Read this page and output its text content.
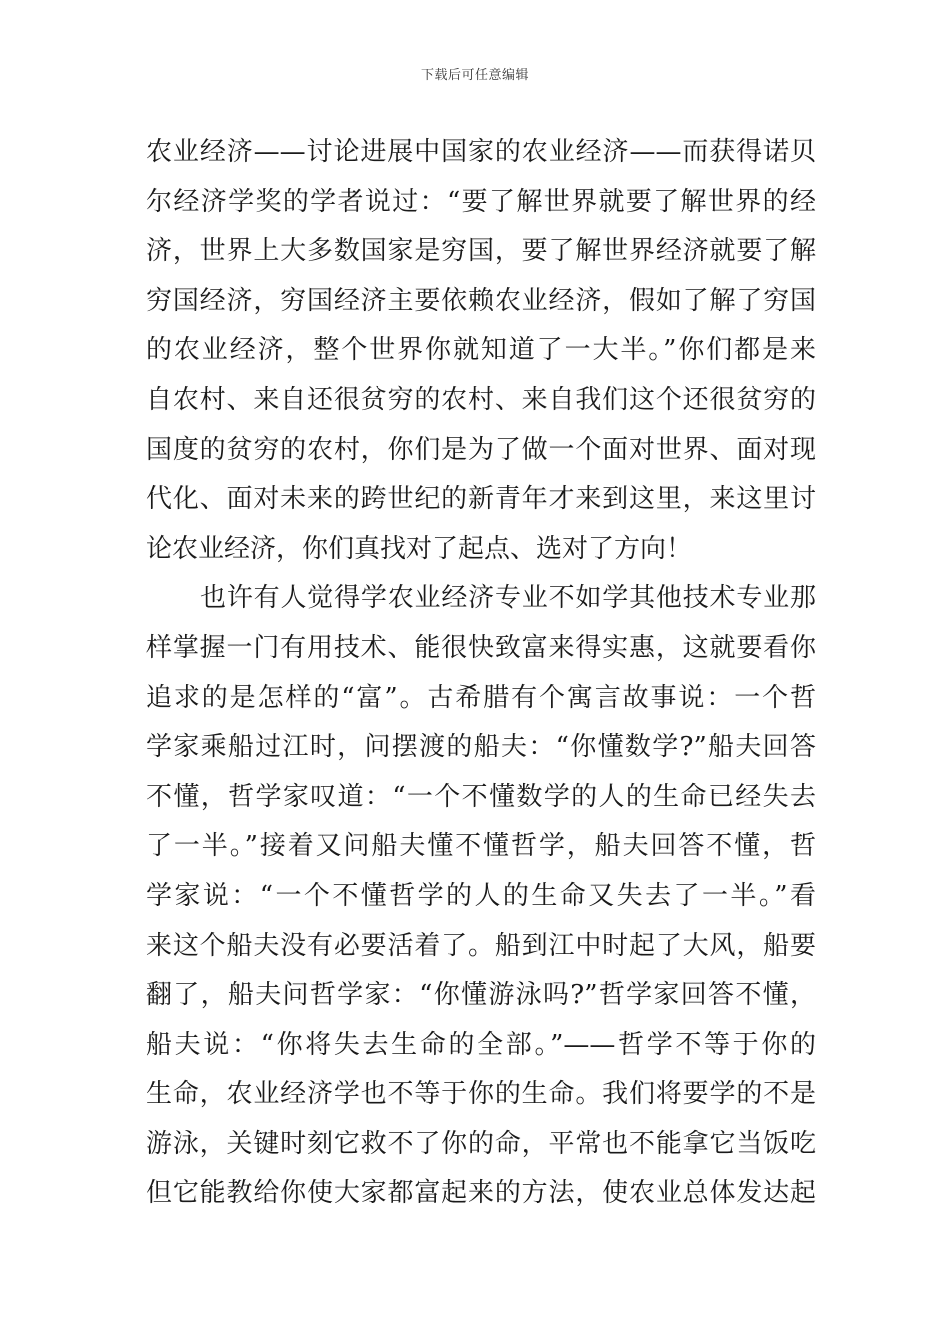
下载后可任意编辑
农业经济——讨论进展中国家的农业经济——而获得诺贝
尔经济学奖的学者说过：“要了解世界就要了解世界的经
济，世界上大多数国家是穷国，要了解世界经济就要了解
穷国经济，穷国经济主要依赖农业经济，假如了解了穷国
的农业经济，整个世界你就知道了一大半。”你们都是来
自农村、来自还很贫穷的农村、来自我们这个还很贫穷的
国度的贫穷的农村，你们是为了做一个面对世界、面对现
代化、面对未来的跨世纪的新青年才来到这里，来这里讨
论农业经济，你们真找对了起点、选对了方向！
也许有人觉得学农业经济专业不如学其他技术专业那
样掌握一门有用技术、能很快致富来得实惠，这就要看你
追求的是怎样的“富”。古希腊有个寓言故事说：一个哲
学家乘船过江时，问摆渡的船夫：“你懂数学?”船夫回答
不懂，哲学家叹道：“一个不懂数学的人的生命已经失去
了一半。”接着又问船夫懂不懂哲学，船夫回答不懂，哲
学家说：“一个不懂哲学的人的生命又失去了一半。”看
来这个船夫没有必要活着了。船到江中时起了大风，船要
翻了，船夫问哲学家：“你懂游泳吗?”哲学家回答不懂，
船夫说：“你将失去生命的全部。”——哲学不等于你的
生命，农业经济学也不等于你的生命。我们将要学的不是
游泳，关键时刻它救不了你的命，平常也不能拿它当饭吃
但它能教给你使大家都富起来的方法，使农业总体发达起
